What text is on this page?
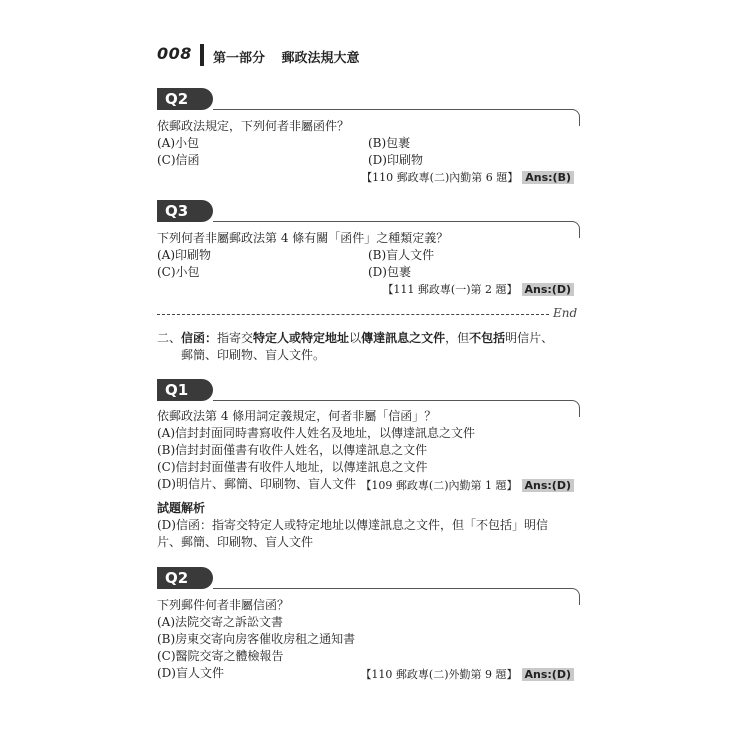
008 第一部分 郵政法規大意
Q2
依郵政法規定，下列何者非屬函件？
(A)小包	(B)包裹
(C)信函	(D)印刷物
【110 郵政專(二)內勤第 6 題】 Ans:(B)
Q3
下列何者非屬郵政法第 4 條有關「函件」之種類定義？
(A)印刷物	(B)盲人文件
(C)小包	(D)包裹
【111 郵政專(一)第 2 題】 Ans:(D)
End
二、信函：指寄交特定人或特定地址以傳達訊息之文件，但不包括明信片、
郵簡、印刷物、盲人文件。
Q1
依郵政法第 4 條用詞定義規定，何者非屬「信函」？
(A)信封封面同時書寫收件人姓名及地址，以傳達訊息之文件
(B)信封封面僅書有收件人姓名，以傳達訊息之文件
(C)信封封面僅書有收件人地址，以傳達訊息之文件
(D)明信片、郵簡、印刷物、盲人文件 【109 郵政專(二)內勤第 1 題】 Ans:(D)
試題解析
(D)信函：指寄交特定人或特定地址以傳達訊息之文件，但「不包括」明信
片、郵簡、印刷物、盲人文件
Q2
下列郵件何者非屬信函？
(A)法院交寄之訴訟文書
(B)房東交寄向房客催收房租之通知書
(C)醫院交寄之體檢報告
(D)盲人文件	【110 郵政專(二)外勤第 9 題】 Ans:(D)
